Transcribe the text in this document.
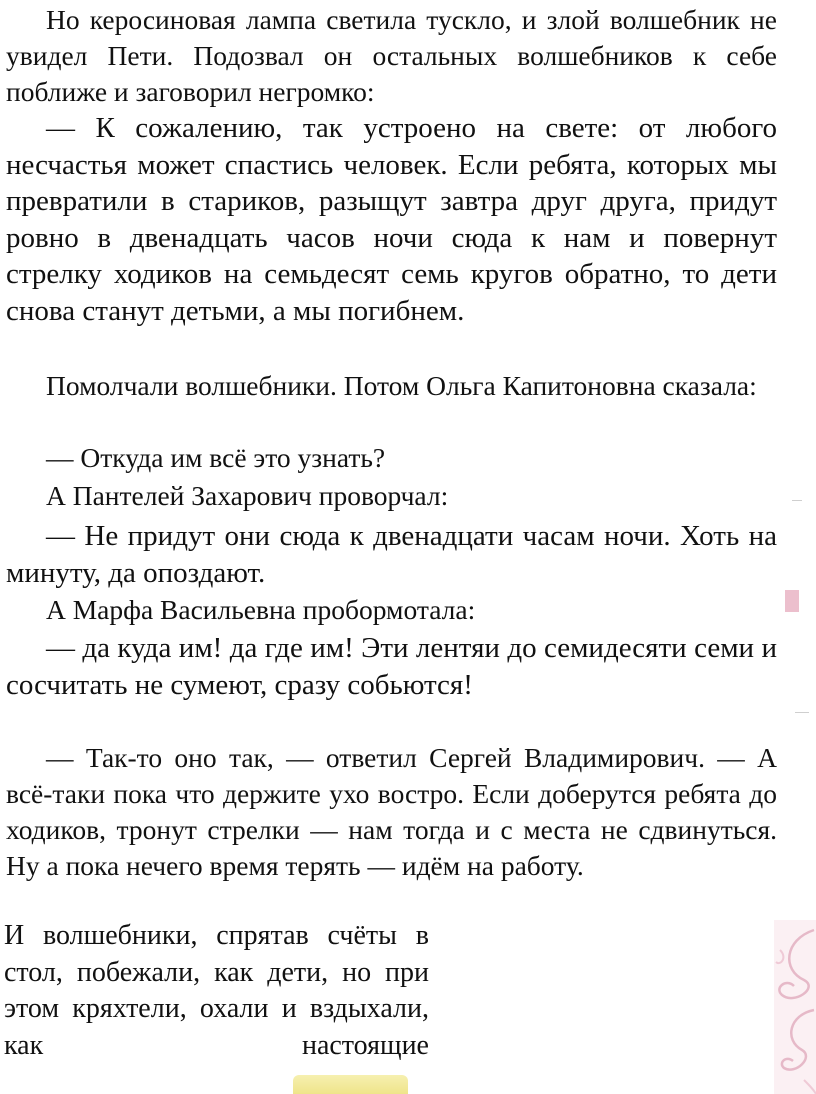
Но керосиновая лампа светила тускло, и злой волшебник не увидел Пети. Подозвал он остальных волшебников к себе поближе и заговорил негромко:

— К сожалению, так устроено на свете: от любого несчастья может спастись человек. Если ребята, которых мы превратили в стариков, разыщут завтра друг друга, придут ровно в двенадцать часов ночи сюда к нам и повернут стрелку ходиков на семьдесят семь кругов обратно, то дети снова станут детьми, а мы погибнем.

Помолчали волшебники. Потом Ольга Капитоновна сказала:

— Откуда им всё это узнать?

А Пантелей Захарович проворчал:

— Не придут они сюда к двенадцати часам ночи. Хоть на минуту, да опоздают.

А Марфа Васильевна пробормотала:

— да куда им! да где им! Эти лентяи до семидесяти семи и сосчитать не сумеют, сразу собьются!

— Так-то оно так, — ответил Сергей Владимирович. — А всё-таки пока что держите ухо востро. Если доберутся ребята до ходиков, тронут стрелки — нам тогда и с места не сдвинуться. Ну а пока нечего время терять — идём на работу.

И волшебники, спрятав счёты в стол, побежали, как дети, но при этом кряхтели, охали и вздыхали, как настоящие
